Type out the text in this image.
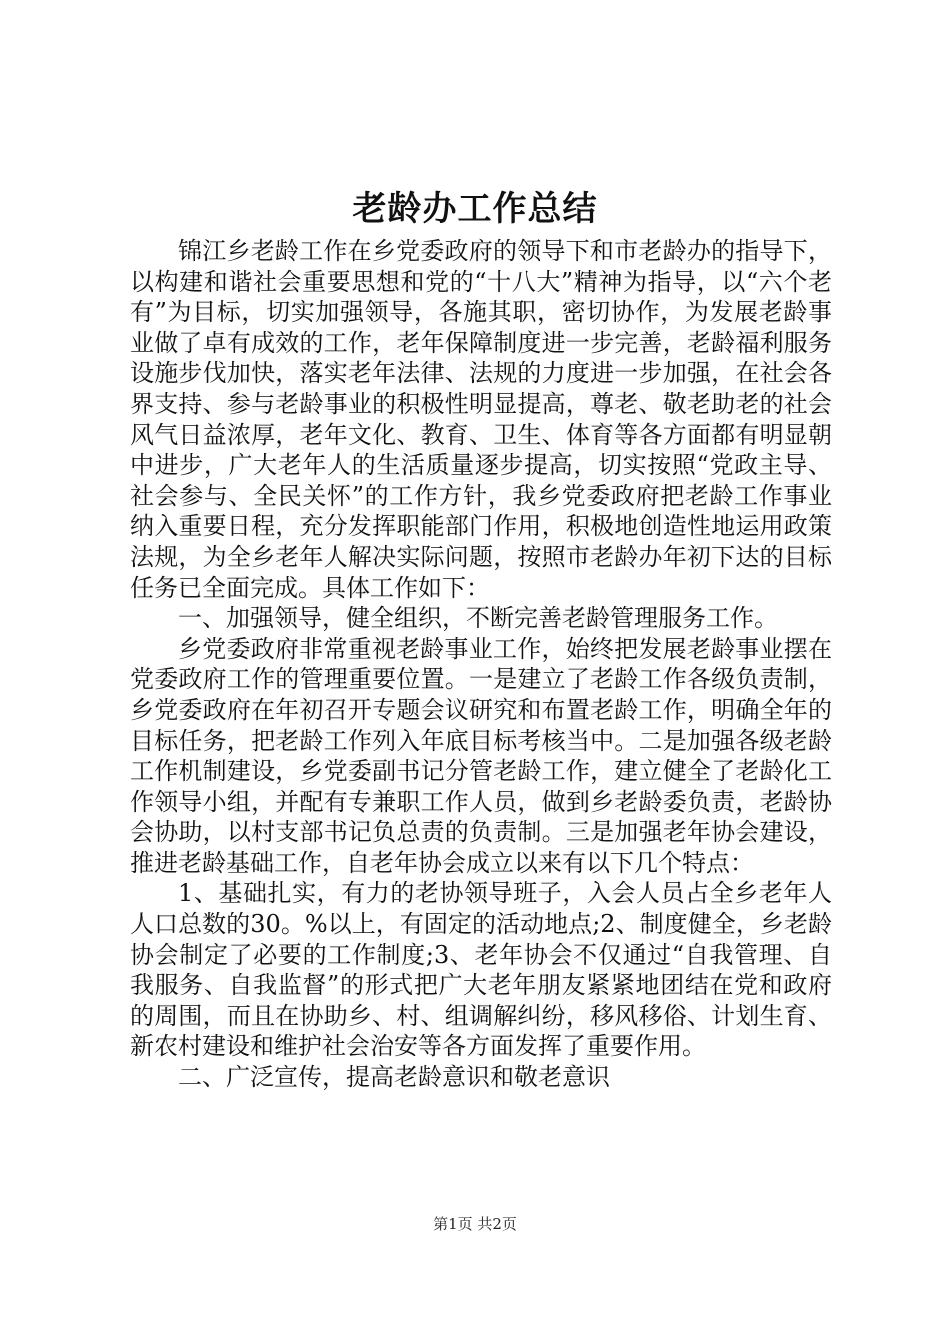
老龄办工作总结

锦江乡老龄工作在乡党委政府的领导下和市老龄办的指导下，以构建和谐社会重要思想和党的“十八大”精神为指导，以“六个老有”为目标，切实加强领导，各施其职，密切协作，为发展老龄事业做了卓有成效的工作，老年保障制度进一步完善，老龄福利服务设施步伐加快，落实老年法律、法规的力度进一步加强，在社会各界支持、参与老龄事业的积极性明显提高，尊老、敬老助老的社会风气日益浓厚，老年文化、教育、卫生、体育等各方面都有明显朝中进步，广大老年人的生活质量逐步提高，切实按照“党政主导、社会参与、全民关怀”的工作方针，我乡党委政府把老龄工作事业纳入重要日程，充分发挥职能部门作用，积极地创造性地运用政策法规，为全乡老年人解决实际问题，按照市老龄办年初下达的目标任务已全面完成。具体工作如下：

一、加强领导，健全组织，不断完善老龄管理服务工作。

乡党委政府非常重视老龄事业工作，始终把发展老龄事业摆在党委政府工作的管理重要位置。一是建立了老龄工作各级负责制，乡党委政府在年初召开专题会议研究和布置老龄工作，明确全年的目标任务，把老龄工作列入年底目标考核当中。二是加强各级老龄工作机制建设，乡党委副书记分管老龄工作，建立健全了老龄化工作领导小组，并配有专兼职工作人员，做到乡老龄委负责，老龄协会协助，以村支部书记负总责的负责制。三是加强老年协会建设，推进老龄基础工作，自老年协会成立以来有以下几个特点：

1、基础扎实，有力的老协领导班子，入会人员占全乡老年人人口总数的30。%以上，有固定的活动地点;2、制度健全，乡老龄协会制定了必要的工作制度;3、老年协会不仅通过“自我管理、自我服务、自我监督”的形式把广大老年朋友紧紧地团结在党和政府的周围，而且在协助乡、村、组调解纠纷，移风移俗、计划生育、新农村建设和维护社会治安等各方面发挥了重要作用。

二、广泛宣传，提高老龄意识和敬老意识

第1页 共2页
